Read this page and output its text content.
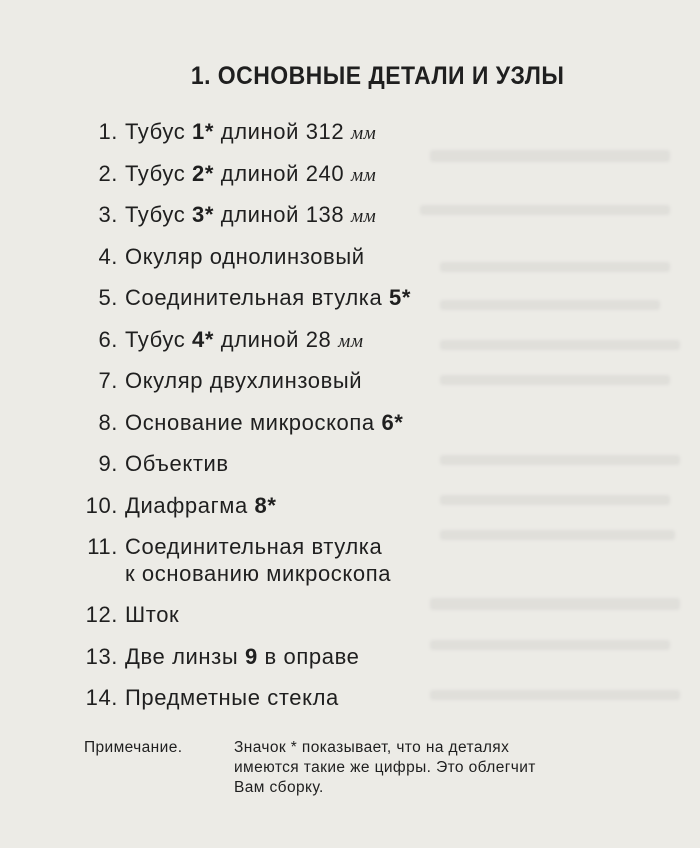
1. ОСНОВНЫЕ ДЕТАЛИ И УЗЛЫ
1. Тубус 1* длиной 312 мм
2. Тубус 2* длиной 240 мм
3. Тубус 3* длиной 138 мм
4. Окуляр однолинзовый
5. Соединительная втулка 5*
6. Тубус 4* длиной 28 мм
7. Окуляр двухлинзовый
8. Основание микроскопа 6*
9. Объектив
10. Диафрагма 8*
11. Соединительная втулка
к основанию микроскопа
12. Шток
13. Две линзы 9 в оправе
14. Предметные стекла
Примечание.	Значок * показывает, что на деталях
имеются такие же цифры. Это облегчит
Вам сборку.
